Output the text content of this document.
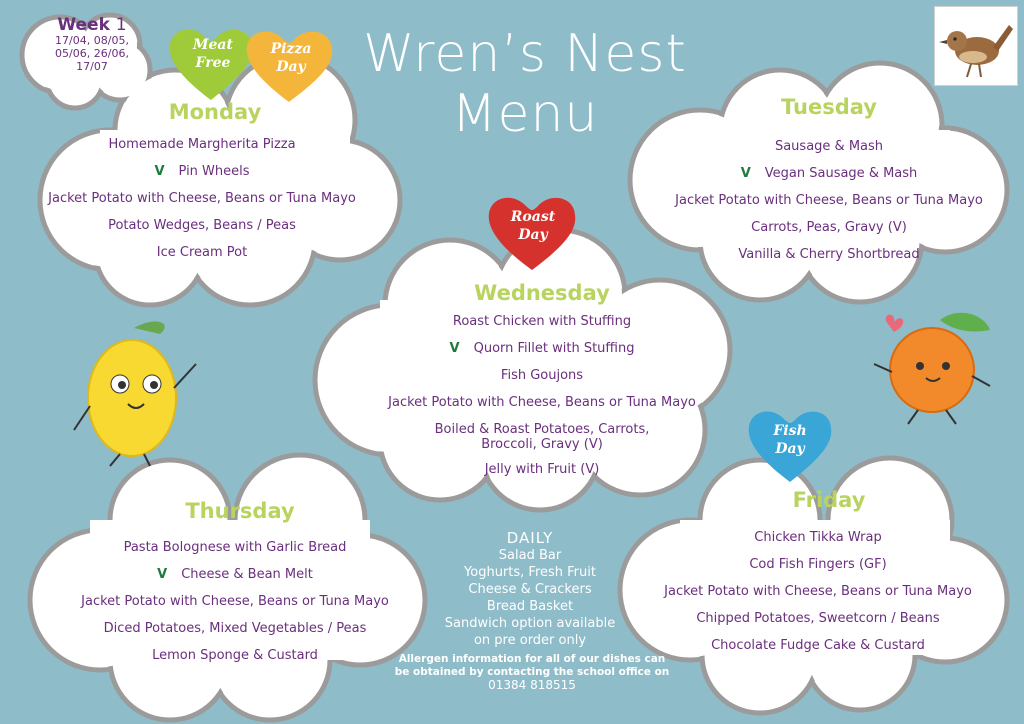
Wren’s Nest
Menu
Week 1
17/04, 08/05, 05/06, 26/06, 17/07
Meat Free
Pizza Day
Roast Day
Fish Day
Monday
Homemade Margherita Pizza
V Pin Wheels
Jacket Potato with Cheese, Beans or Tuna Mayo
Potato Wedges, Beans / Peas
Ice Cream Pot
Tuesday
Sausage & Mash
V Vegan Sausage & Mash
Jacket Potato with Cheese, Beans or Tuna Mayo
Carrots, Peas, Gravy (V)
Vanilla & Cherry Shortbread
Wednesday
Roast Chicken with Stuffing
V Quorn Fillet with Stuffing
Fish Goujons
Jacket Potato with Cheese, Beans or Tuna Mayo
Boiled & Roast Potatoes, Carrots, Broccoli, Gravy (V)
Jelly with Fruit (V)
Thursday
Pasta Bolognese with Garlic Bread
V Cheese & Bean Melt
Jacket Potato with Cheese, Beans or Tuna Mayo
Diced Potatoes, Mixed Vegetables / Peas
Lemon Sponge & Custard
Friday
Chicken Tikka Wrap
Cod Fish Fingers (GF)
Jacket Potato with Cheese, Beans or Tuna Mayo
Chipped Potatoes, Sweetcorn / Beans
Chocolate Fudge Cake & Custard
DAILY
Salad Bar
Yoghurts, Fresh Fruit
Cheese & Crackers
Bread Basket
Sandwich option available on pre order only
Allergen information for all of our dishes can be obtained by contacting the school office on
01384 818515
